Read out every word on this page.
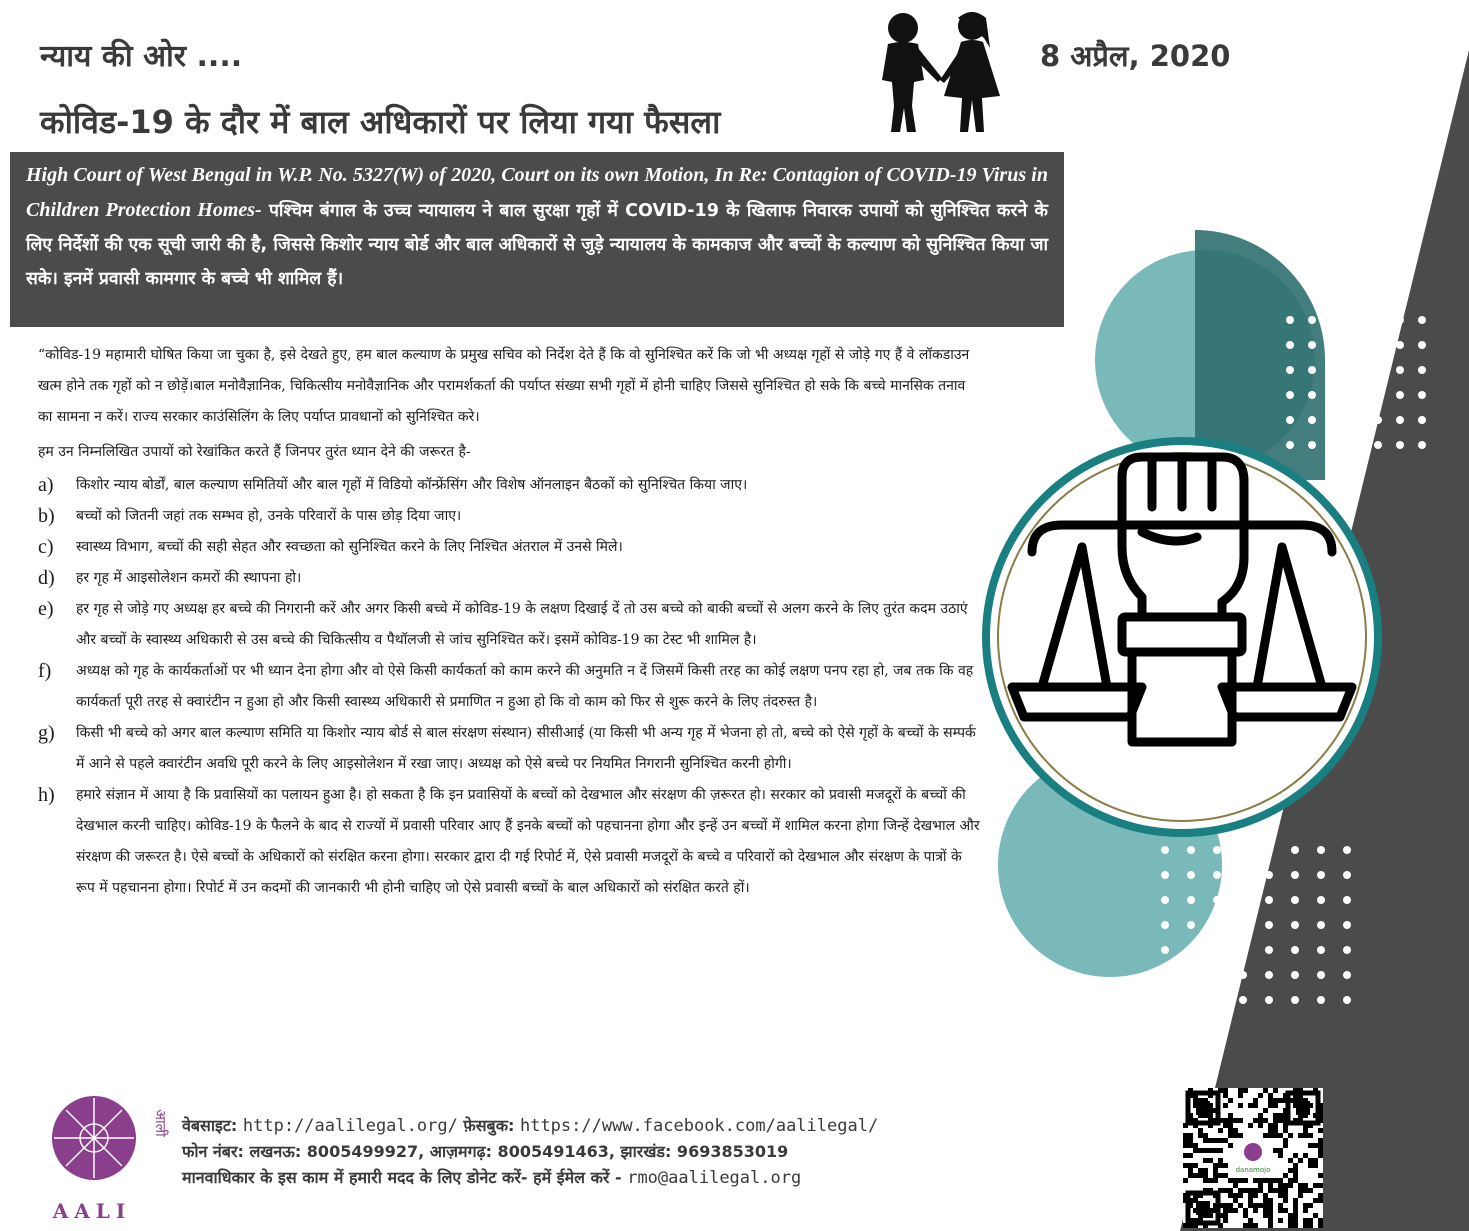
न्याय की ओर ....
कोविड-19 के दौर में बाल अधिकारों पर लिया गया फैसला
8 अप्रैल, 2020
High Court of West Bengal in W.P. No. 5327(W) of 2020, Court on its own Motion, In Re: Contagion of COVID-19 Virus in Children Protection Homes- पश्चिम बंगाल के उच्च न्यायालय ने बाल सुरक्षा गृहों में COVID-19 के खिलाफ निवारक उपायों को सुनिश्चित करने के लिए निर्देशों की एक सूची जारी की है, जिससे किशोर न्याय बोर्ड और बाल अधिकारों से जुड़े न्यायालय के कामकाज और बच्चों के कल्याण को सुनिश्चित किया जा सके। इनमें प्रवासी कामगार के बच्चे भी शामिल हैं।

“कोविड-19 महामारी घोषित किया जा चुका है, इसे देखते हुए, हम बाल कल्याण के प्रमुख सचिव को निर्देश देते हैं कि वो सुनिश्चित करें कि जो भी अध्यक्ष गृहों से जोड़े गए हैं वे लॉकडाउन खत्म होने तक गृहों को न छोड़ें।बाल मनोवैज्ञानिक, चिकित्सीय मनोवैज्ञानिक और परामर्शकर्ता की पर्याप्त संख्या सभी गृहों में होनी चाहिए जिससे सुनिश्चित हो सके कि बच्चे मानसिक तनाव का सामना न करें। राज्य सरकार काउंसिलिंग के लिए पर्याप्त प्रावधानों को सुनिश्चित करे।

हम उन निम्नलिखित उपायों को रेखांकित करते हैं जिनपर तुरंत ध्यान देने की जरूरत है-

a)	किशोर न्याय बोर्डों, बाल कल्याण समितियों और बाल गृहों में विडियो कॉन्फ्रेंसिंग और विशेष ऑनलाइन बैठकों को सुनिश्चित किया जाए।
b)	बच्चों को जितनी जहां तक सम्भव हो, उनके परिवारों के पास छोड़ दिया जाए।
c)	स्वास्थ्य विभाग, बच्चों की सही सेहत और स्वच्छता को सुनिश्चित करने के लिए निश्चित अंतराल में उनसे मिले।
d)	हर गृह में आइसोलेशन कमरों की स्थापना हो।
e)	हर गृह से जोड़े गए अध्यक्ष हर बच्चे की निगरानी करें और अगर किसी बच्चे में कोविड-19 के लक्षण दिखाई दें तो उस बच्चे को बाकी बच्चों से अलग करने के लिए तुरंत कदम उठाएं और बच्चों के स्वास्थ्य अधिकारी से उस बच्चे की चिकित्सीय व पैथॉलजी से जांच सुनिश्चित करें। इसमें कोविड-19 का टेस्ट भी शामिल है।
f)	अध्यक्ष को गृह के कार्यकर्ताओं पर भी ध्यान देना होगा और वो ऐसे किसी कार्यकर्ता को काम करने की अनुमति न दें जिसमें किसी तरह का कोई लक्षण पनप रहा हो, जब तक कि वह कार्यकर्ता पूरी तरह से क्वारंटीन न हुआ हो और किसी स्वास्थ्य अधिकारी से प्रमाणित न हुआ हो कि वो काम को फिर से शुरू करने के लिए तंदरुस्त है।
g)	किसी भी बच्चे को अगर बाल कल्याण समिति या किशोर न्याय बोर्ड से बाल संरक्षण संस्थान) सीसीआई (या किसी भी अन्य गृह में भेजना हो तो, बच्चे को ऐसे गृहों के बच्चों के सम्पर्क में आने से पहले क्वारंटीन अवधि पूरी करने के लिए आइसोलेशन में रखा जाए। अध्यक्ष को ऐसे बच्चे पर नियमित निगरानी सुनिश्चित करनी होगी।
h)	हमारे संज्ञान में आया है कि प्रवासियों का पलायन हुआ है। हो सकता है कि इन प्रवासियों के बच्चों को देखभाल और संरक्षण की ज़रूरत हो। सरकार को प्रवासी मजदूरों के बच्चों की देखभाल करनी चाहिए। कोविड-19 के फैलने के बाद से राज्यों में प्रवासी परिवार आए हैं इनके बच्चों को पहचानना होगा और इन्हें उन बच्चों में शामिल करना होगा जिन्हें देखभाल और संरक्षण की जरूरत है। ऐसे बच्चों के अधिकारों को संरक्षित करना होगा। सरकार द्वारा दी गई रिपोर्ट में, ऐसे प्रवासी मजदूरों के बच्चे व परिवारों को देखभाल और संरक्षण के पात्रों के रूप में पहचानना होगा। रिपोर्ट में उन कदमों की जानकारी भी होनी चाहिए जो ऐसे प्रवासी बच्चों के बाल अधिकारों को संरक्षित करते हों।
AALI
आली वेबसाइट: http://aalilegal.org/ फ़ेसबुक: https://www.facebook.com/aalilegal/
फोन नंबर: लखनऊ: 8005499927, आज़मगढ़: 8005491463, झारखंड: 9693853019
मानवाधिकार के इस काम में हमारी मदद के लिए डोनेट करें- हमें ईमेल करें - rmo@aalilegal.org	danamojo
